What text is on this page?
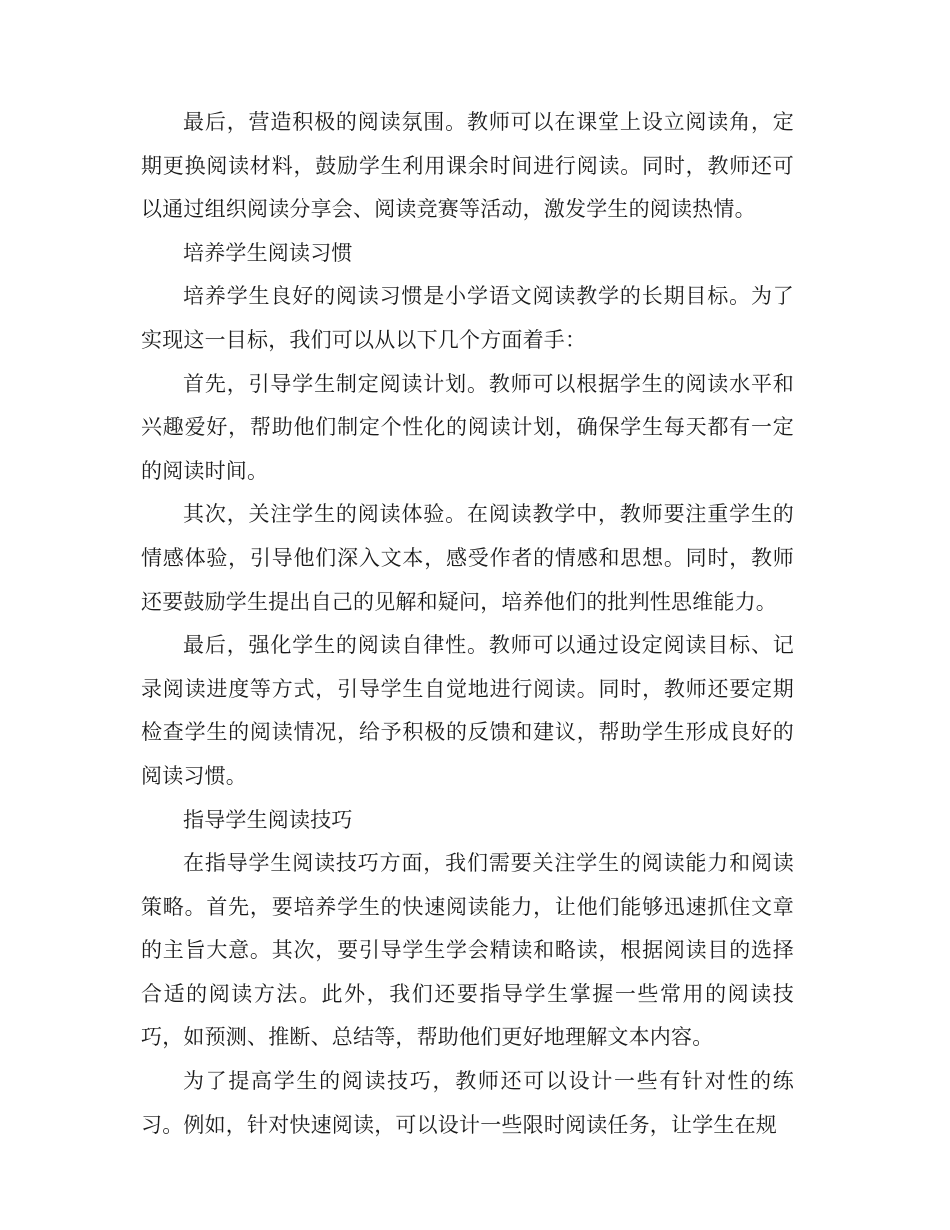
最后，营造积极的阅读氛围。教师可以在课堂上设立阅读角，定期更换阅读材料，鼓励学生利用课余时间进行阅读。同时，教师还可以通过组织阅读分享会、阅读竞赛等活动，激发学生的阅读热情。

培养学生阅读习惯

培养学生良好的阅读习惯是小学语文阅读教学的长期目标。为了实现这一目标，我们可以从以下几个方面着手：

首先，引导学生制定阅读计划。教师可以根据学生的阅读水平和兴趣爱好，帮助他们制定个性化的阅读计划，确保学生每天都有一定的阅读时间。

其次，关注学生的阅读体验。在阅读教学中，教师要注重学生的情感体验，引导他们深入文本，感受作者的情感和思想。同时，教师还要鼓励学生提出自己的见解和疑问，培养他们的批判性思维能力。

最后，强化学生的阅读自律性。教师可以通过设定阅读目标、记录阅读进度等方式，引导学生自觉地进行阅读。同时，教师还要定期检查学生的阅读情况，给予积极的反馈和建议，帮助学生形成良好的阅读习惯。

指导学生阅读技巧

在指导学生阅读技巧方面，我们需要关注学生的阅读能力和阅读策略。首先，要培养学生的快速阅读能力，让他们能够迅速抓住文章的主旨大意。其次，要引导学生学会精读和略读，根据阅读目的选择合适的阅读方法。此外，我们还要指导学生掌握一些常用的阅读技巧，如预测、推断、总结等，帮助他们更好地理解文本内容。

为了提高学生的阅读技巧，教师还可以设计一些有针对性的练习。例如，针对快速阅读，可以设计一些限时阅读任务，让学生在规
